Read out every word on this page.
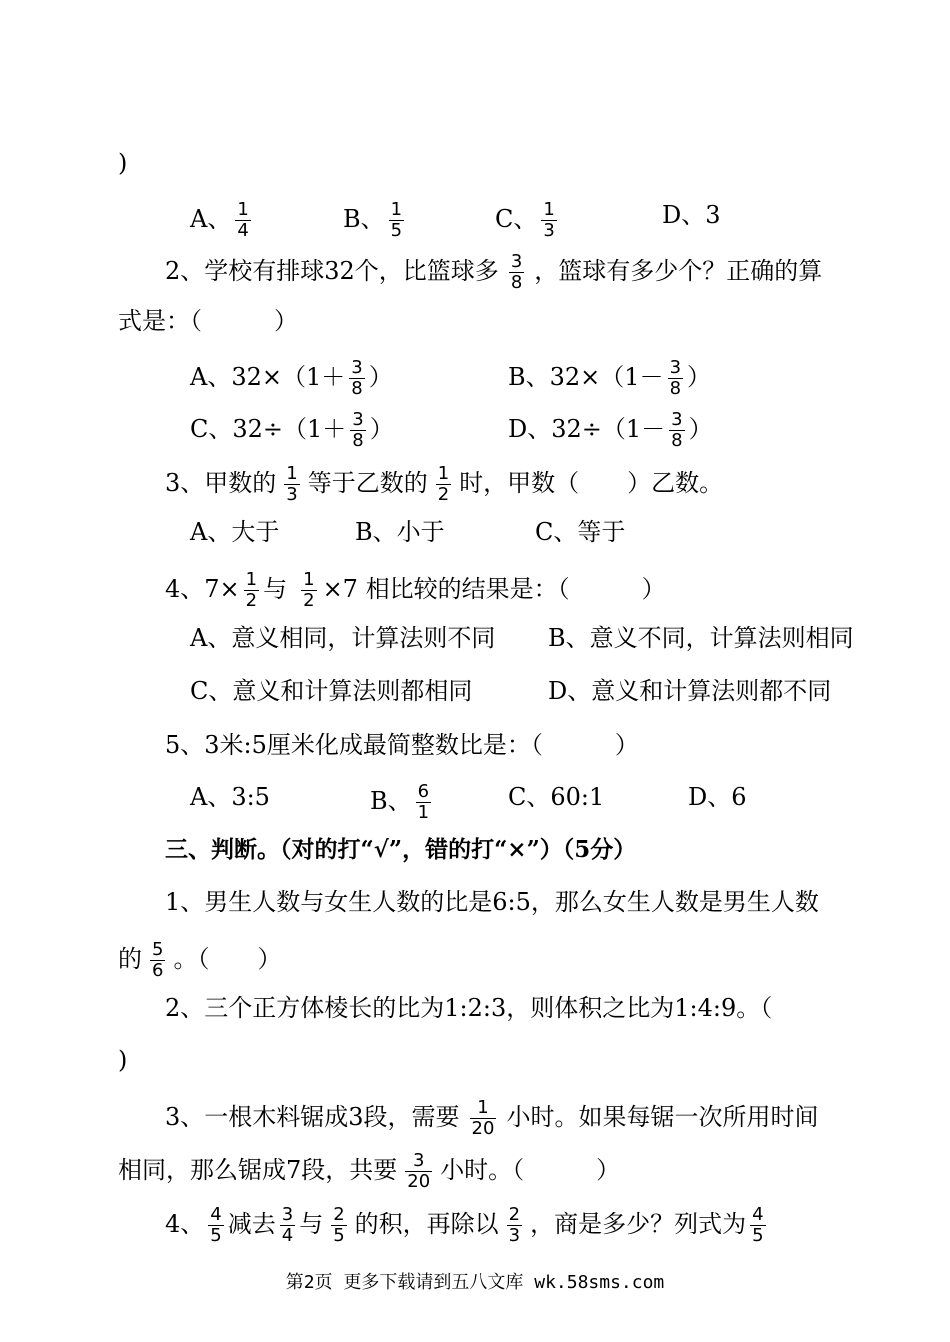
)
A、 $\frac{1}{4}$	B、 $\frac{1}{5}$	C、 $\frac{1}{3}$	D、3
2、学校有排球32个，比篮球多 $\frac{3}{8}$ ，篮球有多少个？正确的算
式是：（　　　）
A、$32\times(1+ \frac{3}{8}$ ）	B、$32\times(1- \frac{3}{8}$ ）
C、$32\div(1+ \frac{3}{8}$ ）	D、$32\div(1- \frac{3}{8}$ ）
3、甲数的 $\frac{1}{3}$ 等于乙数的 $\frac{1}{2}$ 时，甲数（　　）乙数。
A、大于	B、小于	C、等于
4、$7\times \frac{1}{2}$ 与 $\frac{1}{2} \times 7$ 相比较的结果是：（　　　）
A、意义相同，计算法则不同 B、意义不同，计算法则相同
C、意义和计算法则都相同	D、意义和计算法则都不同
5、3米:5厘米化成最简整数比是：（　　　）
A、3:5	B、 $\frac{6}{1}$	C、60:1	D、6
三、判断。（对的打“√”，错的打“×”）（5分）
1、男生人数与女生人数的比是6:5，那么女生人数是男生人数
的 $\frac{5}{6}$ 。（　　）
2、三个正方体棱长的比为1:2:3，则体积之比为1:4:9。（
)
3、一根木料锯成3段，需要 $\frac{1}{20}$ 小时。如果每锯一次所用时间
相同，那么锯成7段，共要 $\frac{3}{20}$ 小时。（　　　）
4、 $\frac{4}{5}$ 减去 $\frac{3}{4}$ 与 $\frac{2}{5}$ 的积，再除以 $\frac{2}{3}$ ，商是多少？列式为 $\frac{4}{5}$
第2页 更多下载请到五八文库 wk.58sms.com
